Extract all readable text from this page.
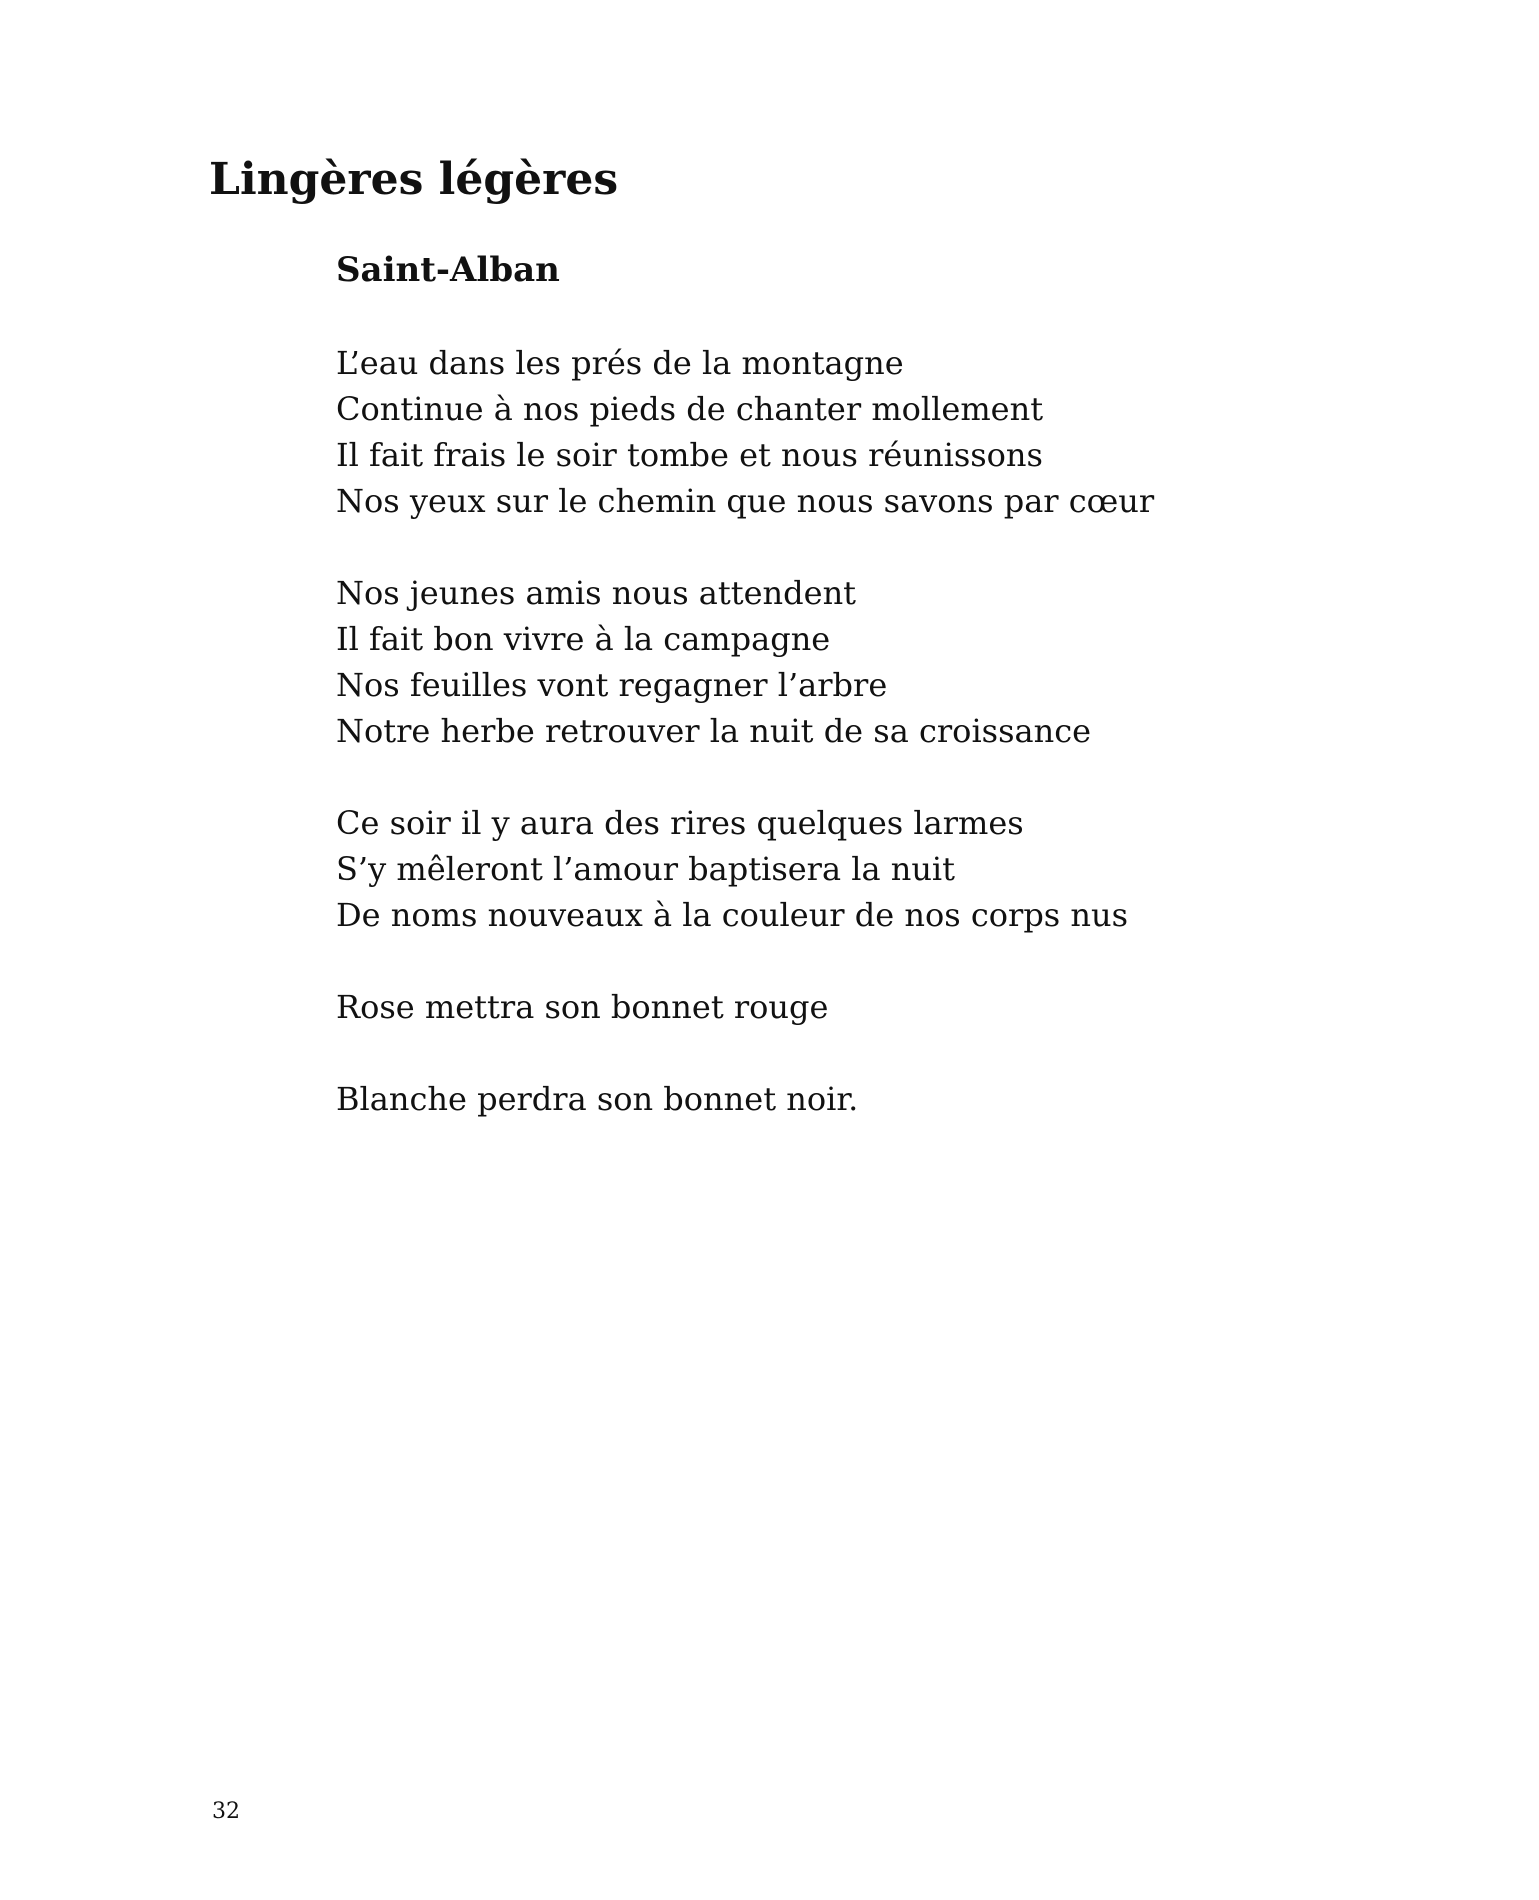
Lingères légères
Saint-Alban
L’eau dans les prés de la montagne
Continue à nos pieds de chanter mollement
Il fait frais le soir tombe et nous réunissons
Nos yeux sur le chemin que nous savons par cœur
Nos jeunes amis nous attendent
Il fait bon vivre à la campagne
Nos feuilles vont regagner l’arbre
Notre herbe retrouver la nuit de sa croissance
Ce soir il y aura des rires quelques larmes
S’y mêleront l’amour baptisera la nuit
De noms nouveaux à la couleur de nos corps nus
Rose mettra son bonnet rouge
Blanche perdra son bonnet noir.
32
